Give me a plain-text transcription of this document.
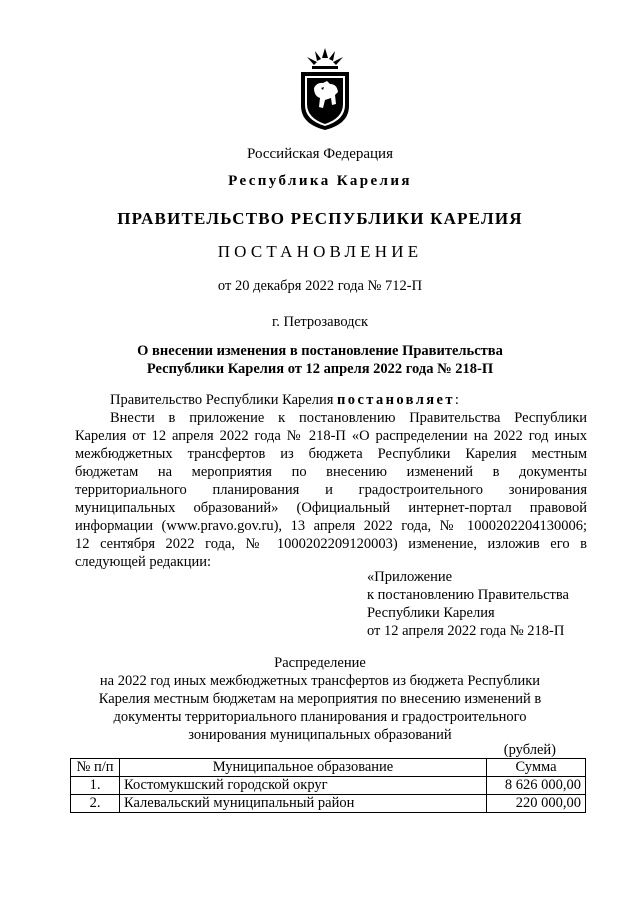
Российская Федерация
Республика Карелия
ПРАВИТЕЛЬСТВО РЕСПУБЛИКИ КАРЕЛИЯ
ПОСТАНОВЛЕНИЕ
от 20 декабря 2022 года № 712-П
г. Петрозаводск
О внесении изменения в постановление Правительства
Республики Карелия от 12 апреля 2022 года № 218-П
Правительство Республики Карелия постановляет:
Внести в приложение к постановлению Правительства Республики
Карелия от 12 апреля 2022 года № 218-П «О распределении на 2022 год иных
межбюджетных трансфертов из бюджета Республики Карелия местным
бюджетам на мероприятия по внесению изменений в документы
территориального планирования и градостроительного зонирования
муниципальных образований» (Официальный интернет-портал правовой
информации (www.pravo.gov.ru), 13 апреля 2022 года, № 1000202204130006;
12 сентября 2022 года, № 1000202209120003) изменение, изложив его в
следующей редакции:
«Приложение
к постановлению Правительства
Республики Карелия
от 12 апреля 2022 года № 218-П
Распределение
на 2022 год иных межбюджетных трансфертов из бюджета Республики
Карелия местным бюджетам на мероприятия по внесению изменений в
документы территориального планирования и градостроительного
зонирования муниципальных образований
(рублей)
№ п/п	Муниципальное образование	Сумма
1.	Костомукшский городской округ	8 626 000,00
2.	Калевальский муниципальный район	220 000,00
